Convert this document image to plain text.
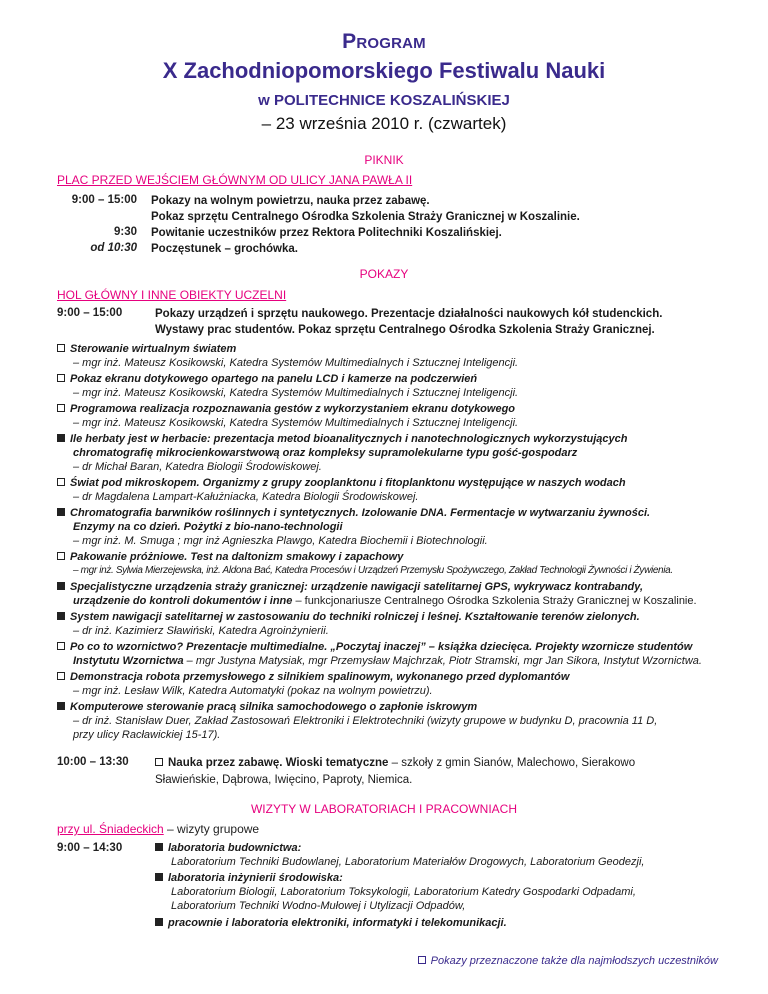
PROGRAM
X Zachodniopomorskiego Festiwalu Nauki
w POLITECHNICE KOSZALIŃSKIEJ
– 23 września 2010 r. (czwartek)
PIKNIK
PLAC PRZED WEJŚCIEM GŁÓWNYM OD ULICY JANA PAWŁA II
9:00 – 15:00 Pokazy na wolnym powietrzu, nauka przez zabawę.
Pokaz sprzętu Centralnego Ośrodka Szkolenia Straży Granicznej w Koszalinie.
9:30 Powitanie uczestników przez Rektora Politechniki Koszalińskiej.
od 10:30 Poczęstunek – grochówka.
POKAZY
HOL GŁÓWNY I INNE OBIEKTY UCZELNI
9:00 – 15:00	Pokazy urządzeń i sprzętu naukowego. Prezentacje działalności naukowych kół studenckich.
Wystawy prac studentów. Pokaz sprzętu Centralnego Ośrodka Szkolenia Straży Granicznej.
Sterowanie wirtualnym światem
– mgr inż. Mateusz Kosikowski, Katedra Systemów Multimedialnych i Sztucznej Inteligencji.
Pokaz ekranu dotykowego opartego na panelu LCD i kamerze na podczerwień
– mgr inż. Mateusz Kosikowski, Katedra Systemów Multimedialnych i Sztucznej Inteligencji.
Programowa realizacja rozpoznawania gestów z wykorzystaniem ekranu dotykowego
– mgr inż. Mateusz Kosikowski, Katedra Systemów Multimedialnych i Sztucznej Inteligencji.
Ile herbaty jest w herbacie: prezentacja metod bioanalitycznych i nanotechnologicznych wykorzystujących
chromatografię mikrocienkowarstwową oraz kompleksy supramolekularne typu gość-gospodarz
– dr Michał Baran, Katedra Biologii Środowiskowej.
Świat pod mikroskopem. Organizmy z grupy zooplanktonu i fitoplanktonu występujące w naszych wodach
– dr Magdalena Lampart-Kałużniacka, Katedra Biologii Środowiskowej.
Chromatografia barwników roślinnych i syntetycznych. Izolowanie DNA. Fermentacje w wytwarzaniu żywności.
Enzymy na co dzień. Pożytki z bio-nano-technologii
– mgr inż. M. Smuga ; mgr inż Agnieszka Plawgo, Katedra Biochemii i Biotechnologii.
Pakowanie próżniowe. Test na daltonizm smakowy i zapachowy
– mgr inż. Sylwia Mierzejewska, inż. Aldona Bać, Katedra Procesów i Urządzeń Przemysłu Spożywczego, Zakład Technologii Żywności i Żywienia.
Specjalistyczne urządzenia straży granicznej: urządzenie nawigacji satelitarnej GPS, wykrywacz kontrabandy,
urządzenie do kontroli dokumentów i inne – funkcjonariusze Centralnego Ośrodka Szkolenia Straży Granicznej w Koszalinie.
System nawigacji satelitarnej w zastosowaniu do techniki rolniczej i leśnej. Kształtowanie terenów zielonych.
– dr inż. Kazimierz Sławiński, Katedra Agroinżynierii.
Po co to wzornictwo? Prezentacje multimedialne. „Poczytaj inaczej” – książka dziecięca. Projekty wzornicze studentów
Instytutu Wzornictwa – mgr Justyna Matysiak, mgr Przemysław Majchrzak, Piotr Stramski, mgr Jan Sikora, Instytut Wzornictwa.
Demonstracja robota przemysłowego z silnikiem spalinowym, wykonanego przed dyplomantów
– mgr inż. Lesław Wilk, Katedra Automatyki (pokaz na wolnym powietrzu).
Komputerowe sterowanie pracą silnika samochodowego o zapłonie iskrowym
– dr inż. Stanisław Duer, Zakład Zastosowań Elektroniki i Elektrotechniki (wizyty grupowe w budynku D, pracownia 11 D,
przy ulicy Racławickiej 15-17).
10:00 – 13:30	Nauka przez zabawę. Wioski tematyczne – szkoły z gmin Sianów, Malechowo, Sierakowo
Sławieńskie, Dąbrowa, Iwięcino, Paproty, Niemica.
WIZYTY W LABORATORIACH I PRACOWNIACH
przy ul. Śniadeckich – wizyty grupowe
9:00 – 14:30	laboratoria budownictwa:
Laboratorium Techniki Budowlanej, Laboratorium Materiałów Drogowych, Laboratorium Geodezji,
laboratoria inżynierii środowiska:
Laboratorium Biologii, Laboratorium Toksykologii, Laboratorium Katedry Gospodarki Odpadami,
Laboratorium Techniki Wodno-Mułowej i Utylizacji Odpadów,
pracownie i laboratoria elektroniki, informatyki i telekomunikacji.
Pokazy przeznaczone także dla najmłodszych uczestników
